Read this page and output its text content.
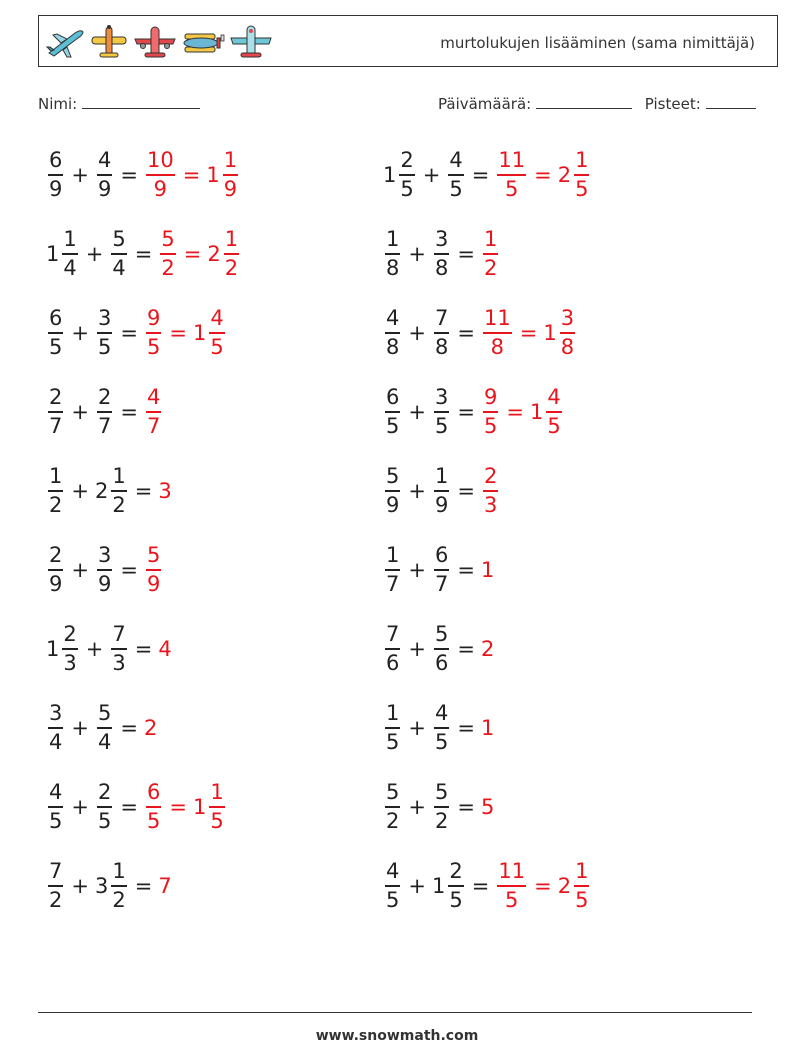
murtolukujen lisääminen (sama nimittäjä)
Nimi:	Päivämäärä:	Pisteet:
$\frac{6}{9} + \frac{4}{9} = \frac{10}{9} = 1 \frac{1}{9}$	$1 \frac{2}{5} + \frac{4}{5} = \frac{11}{5} = 2 \frac{1}{5}$
$1 \frac{1}{4} + \frac{5}{4} = \frac{5}{2} = 2 \frac{1}{2}$	$\frac{1}{8} + \frac{3}{8} = \frac{1}{2}$
$\frac{6}{5} + \frac{3}{5} = \frac{9}{5} = 1 \frac{4}{5}$	$\frac{4}{8} + \frac{7}{8} = \frac{11}{8} = 1 \frac{3}{8}$
$\frac{2}{7} + \frac{2}{7} = \frac{4}{7}$	$\frac{6}{5} + \frac{3}{5} = \frac{9}{5} = 1 \frac{4}{5}$
$\frac{1}{2} + 2 \frac{1}{2} = 3$	$\frac{5}{9} + \frac{1}{9} = \frac{2}{3}$
$\frac{2}{9} + \frac{3}{9} = \frac{5}{9}$	$\frac{1}{7} + \frac{6}{7} = 1$
$1 \frac{2}{3} + \frac{7}{3} = 4$	$\frac{7}{6} + \frac{5}{6} = 2$
$\frac{3}{4} + \frac{5}{4} = 2$	$\frac{1}{5} + \frac{4}{5} = 1$
$\frac{4}{5} + \frac{2}{5} = \frac{6}{5} = 1 \frac{1}{5}$	$\frac{5}{2} + \frac{5}{2} = 5$
$\frac{7}{2} + 3 \frac{1}{2} = 7$	$\frac{4}{5} + 1 \frac{2}{5} = \frac{11}{5} = 2 \frac{1}{5}$
www.snowmath.com
